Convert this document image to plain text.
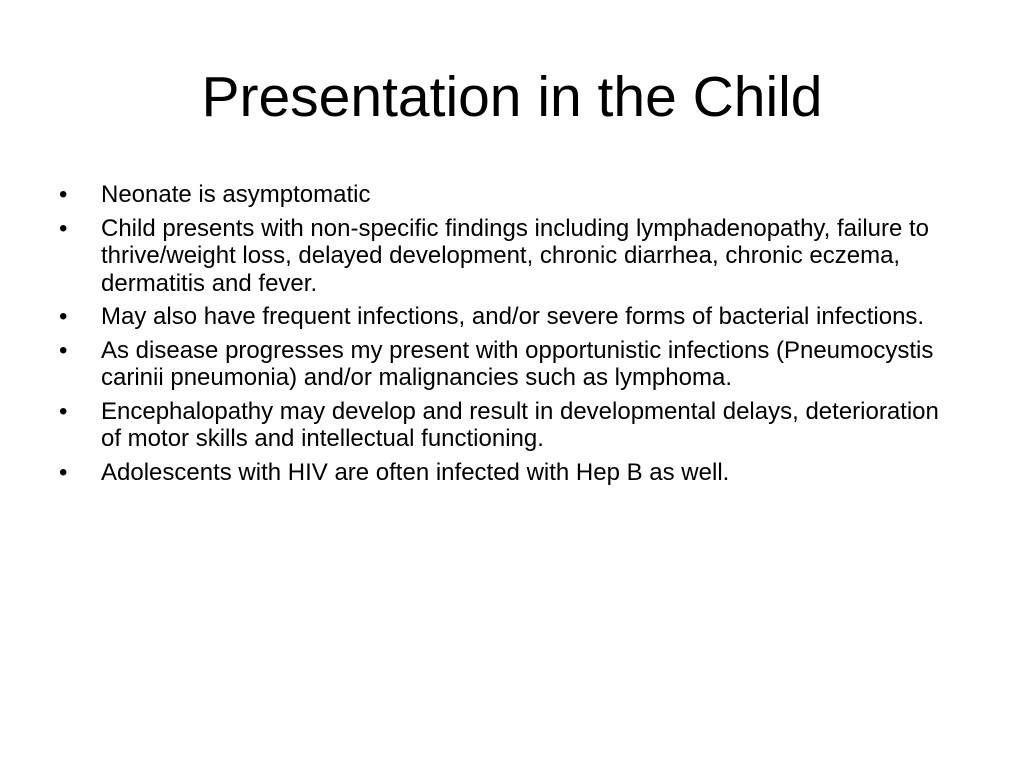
Presentation in the Child
• Neonate is asymptomatic
• Child presents with non-specific findings including lymphadenopathy, failure to thrive/weight loss, delayed development, chronic diarrhea, chronic eczema, dermatitis and fever.
• May also have frequent infections, and/or severe forms of bacterial infections.
• As disease progresses my present with opportunistic infections (Pneumocystis carinii pneumonia) and/or malignancies such as lymphoma.
• Encephalopathy may develop and result in developmental delays, deterioration of motor skills and intellectual functioning.
• Adolescents with HIV are often infected with Hep B as well.
